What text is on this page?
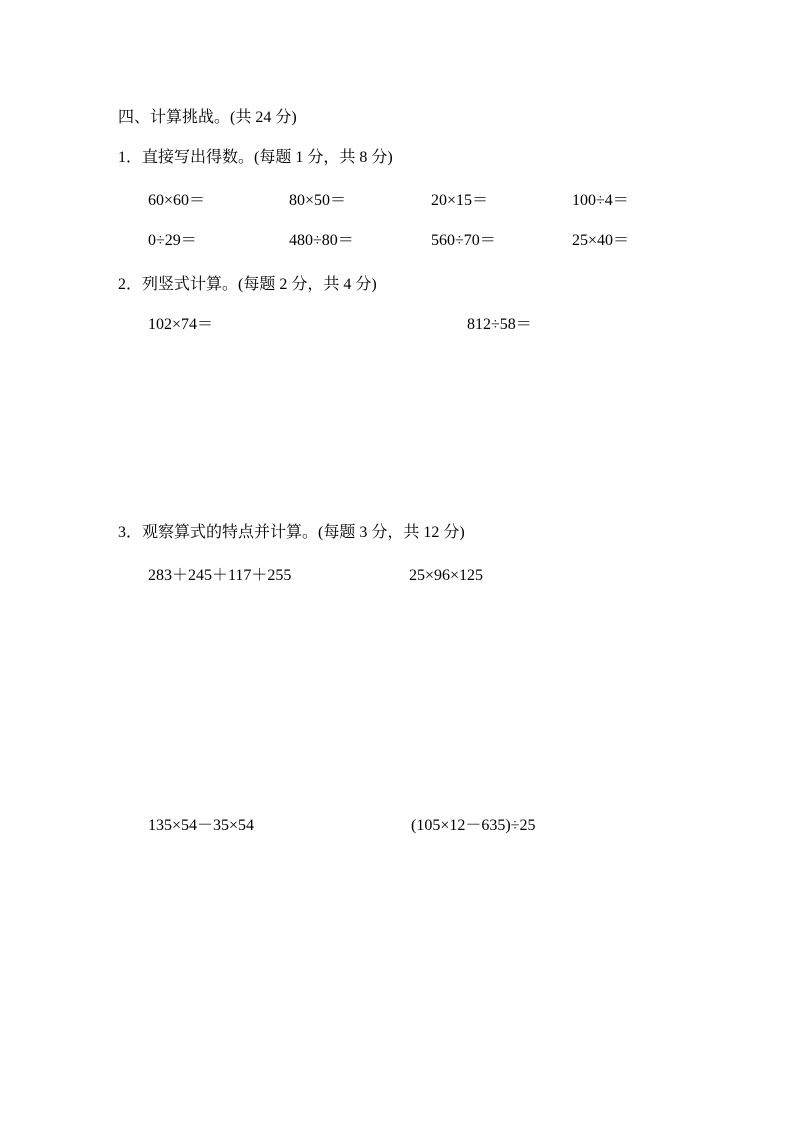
四、计算挑战。(共 24 分)
1．直接写出得数。(每题 1 分，共 8 分)
60×60＝	80×50＝	20×15＝	100÷4＝
0÷29＝	480÷80＝	560÷70＝	25×40＝
2．列竖式计算。(每题 2 分，共 4 分)
102×74＝	812÷58＝
3．观察算式的特点并计算。(每题 3 分，共 12 分)
283＋245＋117＋255	25×96×125
135×54－35×54	(105×12－635)÷25
